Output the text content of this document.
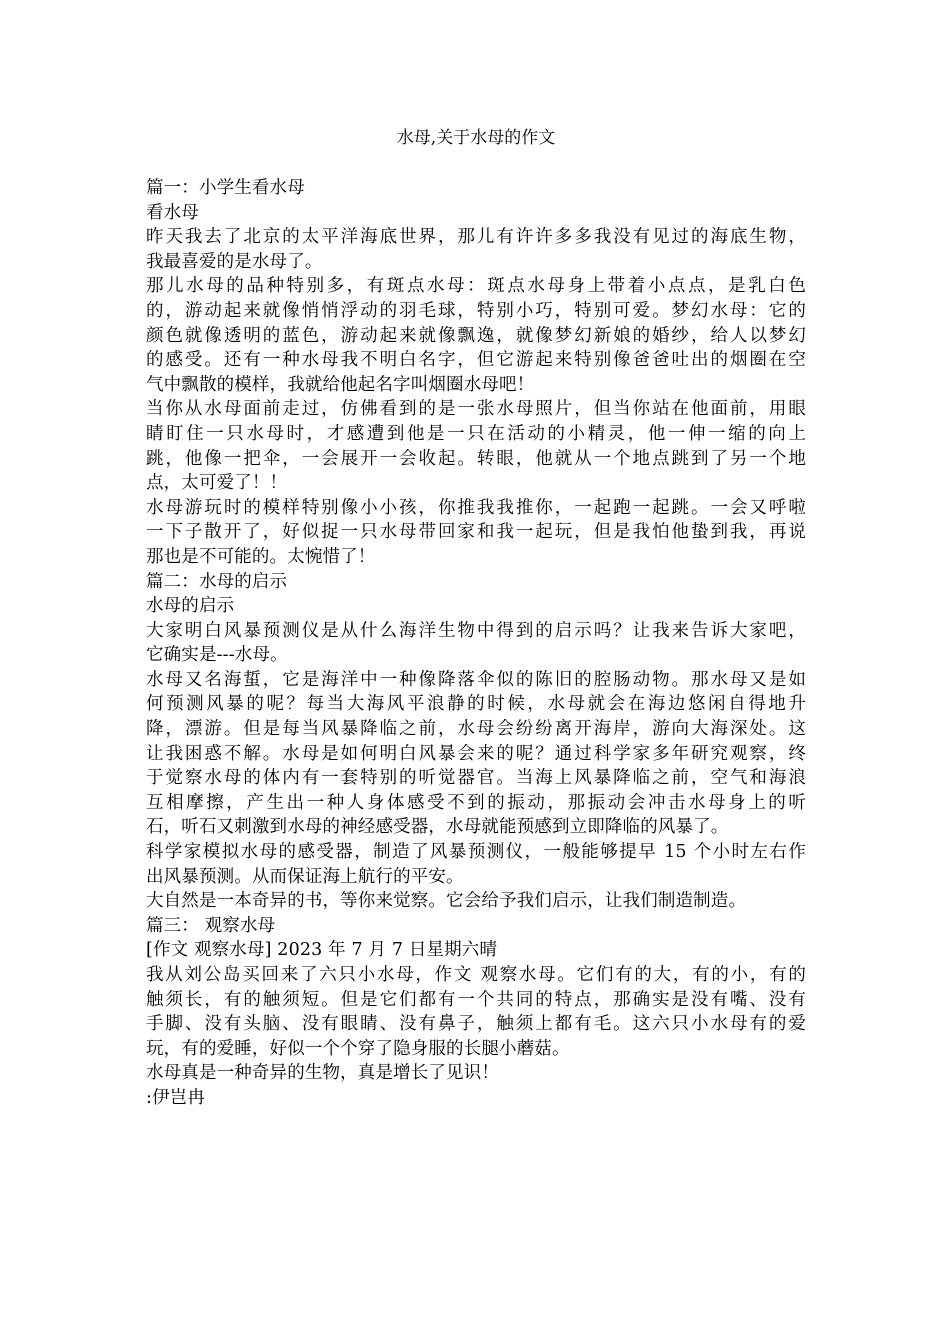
水母,关于水母的作文

篇一：小学生看水母

看水母

昨天我去了北京的太平洋海底世界，那儿有许许多多我没有见过的海底生物，

我最喜爱的是水母了。

那儿水母的品种特别多，有斑点水母：斑点水母身上带着小点点，是乳白色

的，游动起来就像悄悄浮动的羽毛球，特别小巧，特别可爱。梦幻水母：它的

颜色就像透明的蓝色，游动起来就像飘逸，就像梦幻新娘的婚纱，给人以梦幻

的感受。还有一种水母我不明白名字，但它游起来特别像爸爸吐出的烟圈在空

气中飘散的模样，我就给他起名字叫烟圈水母吧！

当你从水母面前走过，仿佛看到的是一张水母照片，但当你站在他面前，用眼

睛盯住一只水母时，才感遭到他是一只在活动的小精灵，他一伸一缩的向上

跳，他像一把伞，一会展开一会收起。转眼，他就从一个地点跳到了另一个地

点，太可爱了！！

水母游玩时的模样特别像小小孩，你推我我推你，一起跑一起跳。一会又呼啦

一下子散开了，好似捉一只水母带回家和我一起玩，但是我怕他蛰到我，再说

那也是不可能的。太惋惜了！

篇二：水母的启示

水母的启示

大家明白风暴预测仪是从什么海洋生物中得到的启示吗？让我来告诉大家吧，

它确实是---水母。

水母又名海蜇，它是海洋中一种像降落伞似的陈旧的腔肠动物。那水母又是如

何预测风暴的呢？每当大海风平浪静的时候，水母就会在海边悠闲自得地升

降，漂游。但是每当风暴降临之前，水母会纷纷离开海岸，游向大海深处。这

让我困惑不解。水母是如何明白风暴会来的呢？通过科学家多年研究观察，终

于觉察水母的体内有一套特别的听觉器官。当海上风暴降临之前，空气和海浪

互相摩擦，产生出一种人身体感受不到的振动，那振动会冲击水母身上的听

石，听石又刺激到水母的神经感受器，水母就能预感到立即降临的风暴了。

科学家模拟水母的感受器，制造了风暴预测仪，一般能够提早 15 个小时左右作

出风暴预测。从而保证海上航行的平安。

大自然是一本奇异的书，等你来觉察。它会给予我们启示，让我们制造制造。

篇三： 观察水母

[作文 观察水母] 2023 年 7 月 7 日星期六晴

我从刘公岛买回来了六只小水母，作文 观察水母。它们有的大，有的小，有的

触须长，有的触须短。但是它们都有一个共同的特点，那确实是没有嘴、没有

手脚、没有头脑、没有眼睛、没有鼻子，触须上都有毛。这六只小水母有的爱

玩，有的爱睡，好似一个个穿了隐身服的长腿小蘑菇。

水母真是一种奇异的生物，真是增长了见识！

:伊岂冉
